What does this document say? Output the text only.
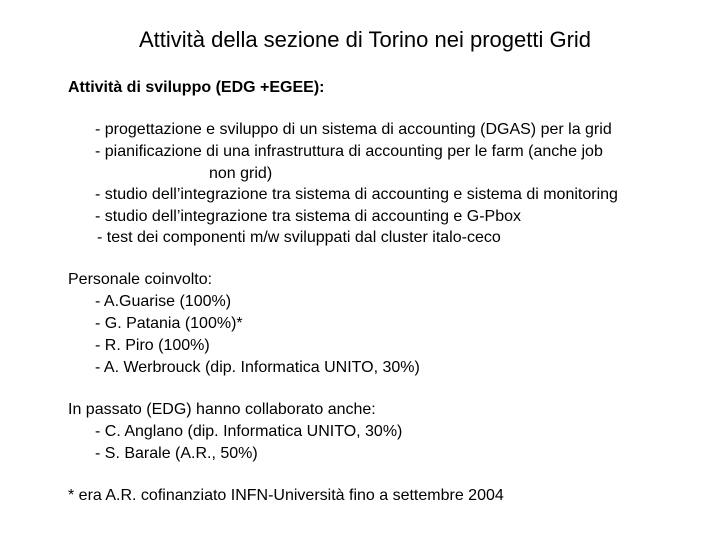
Attività della sezione di Torino nei progetti Grid
Attività di sviluppo (EDG +EGEE):
- progettazione e sviluppo di un sistema di accounting (DGAS) per la grid
- pianificazione di una infrastruttura di accounting per le farm (anche job
non grid)
- studio dell’integrazione tra sistema di accounting e sistema di monitoring
- studio dell’integrazione tra sistema di accounting e G-Pbox
- test dei componenti m/w sviluppati dal cluster italo-ceco
Personale coinvolto:
- A.Guarise (100%)
- G. Patania (100%)*
- R. Piro (100%)
- A. Werbrouck (dip. Informatica UNITO, 30%)
In passato (EDG) hanno collaborato anche:
- C. Anglano (dip. Informatica UNITO, 30%)
- S. Barale (A.R., 50%)
* era A.R. cofinanziato INFN-Università fino a settembre 2004
